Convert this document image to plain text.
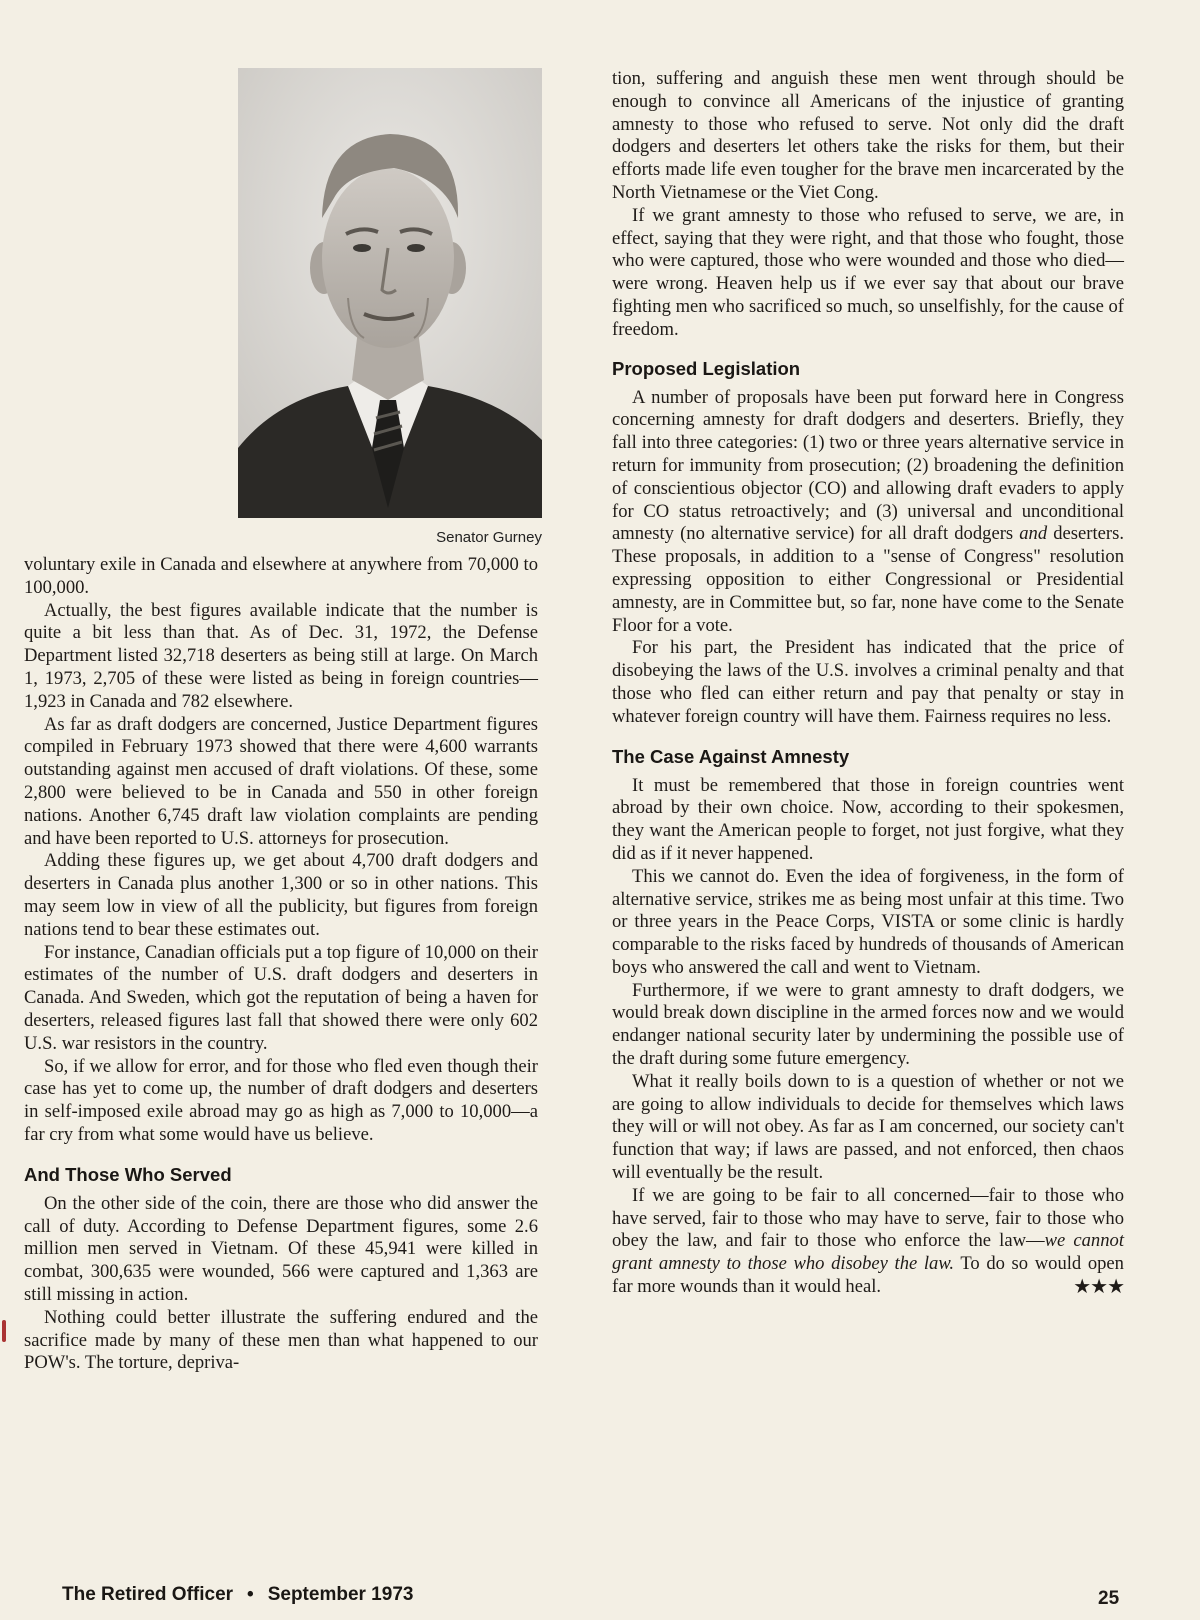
Senator Gurney

voluntary exile in Canada and elsewhere at anywhere from 70,000 to 100,000.

Actually, the best figures available indicate that the number is quite a bit less than that. As of Dec. 31, 1972, the Defense Department listed 32,718 deserters as being still at large. On March 1, 1973, 2,705 of these were listed as being in foreign countries—1,923 in Canada and 782 elsewhere.

As far as draft dodgers are concerned, Justice Department figures compiled in February 1973 showed that there were 4,600 warrants outstanding against men accused of draft violations. Of these, some 2,800 were believed to be in Canada and 550 in other foreign nations. Another 6,745 draft law violation complaints are pending and have been reported to U.S. attorneys for prosecution.

Adding these figures up, we get about 4,700 draft dodgers and deserters in Canada plus another 1,300 or so in other nations. This may seem low in view of all the publicity, but figures from foreign nations tend to bear these estimates out.

For instance, Canadian officials put a top figure of 10,000 on their estimates of the number of U.S. draft dodgers and deserters in Canada. And Sweden, which got the reputation of being a haven for deserters, released figures last fall that showed there were only 602 U.S. war resistors in the country.

So, if we allow for error, and for those who fled even though their case has yet to come up, the number of draft dodgers and deserters in self-imposed exile abroad may go as high as 7,000 to 10,000—a far cry from what some would have us believe.

And Those Who Served

On the other side of the coin, there are those who did answer the call of duty. According to Defense Department figures, some 2.6 million men served in Vietnam. Of these 45,941 were killed in combat, 300,635 were wounded, 566 were captured and 1,363 are still missing in action.

Nothing could better illustrate the suffering endured and the sacrifice made by many of these men than what happened to our POW's. The torture, depriva-

tion, suffering and anguish these men went through should be enough to convince all Americans of the injustice of granting amnesty to those who refused to serve. Not only did the draft dodgers and deserters let others take the risks for them, but their efforts made life even tougher for the brave men incarcerated by the North Vietnamese or the Viet Cong.

If we grant amnesty to those who refused to serve, we are, in effect, saying that they were right, and that those who fought, those who were captured, those who were wounded and those who died—were wrong. Heaven help us if we ever say that about our brave fighting men who sacrificed so much, so unselfishly, for the cause of freedom.

Proposed Legislation

A number of proposals have been put forward here in Congress concerning amnesty for draft dodgers and deserters. Briefly, they fall into three categories: (1) two or three years alternative service in return for immunity from prosecution; (2) broadening the definition of conscientious objector (CO) and allowing draft evaders to apply for CO status retroactively; and (3) universal and unconditional amnesty (no alternative service) for all draft dodgers and deserters. These proposals, in addition to a "sense of Congress" resolution expressing opposition to either Congressional or Presidential amnesty, are in Committee but, so far, none have come to the Senate Floor for a vote.

For his part, the President has indicated that the price of disobeying the laws of the U.S. involves a criminal penalty and that those who fled can either return and pay that penalty or stay in whatever foreign country will have them. Fairness requires no less.

The Case Against Amnesty

It must be remembered that those in foreign countries went abroad by their own choice. Now, according to their spokesmen, they want the American people to forget, not just forgive, what they did as if it never happened.

This we cannot do. Even the idea of forgiveness, in the form of alternative service, strikes me as being most unfair at this time. Two or three years in the Peace Corps, VISTA or some clinic is hardly comparable to the risks faced by hundreds of thousands of American boys who answered the call and went to Vietnam.

Furthermore, if we were to grant amnesty to draft dodgers, we would break down discipline in the armed forces now and we would endanger national security later by undermining the possible use of the draft during some future emergency.

What it really boils down to is a question of whether or not we are going to allow individuals to decide for themselves which laws they will or will not obey. As far as I am concerned, our society can't function that way; if laws are passed, and not enforced, then chaos will eventually be the result.

If we are going to be fair to all concerned—fair to those who have served, fair to those who may have to serve, fair to those who obey the law, and fair to those who enforce the law—we cannot grant amnesty to those who disobey the law. To do so would open far more wounds than it would heal.	★★★

The Retired Officer • September 1973	25
